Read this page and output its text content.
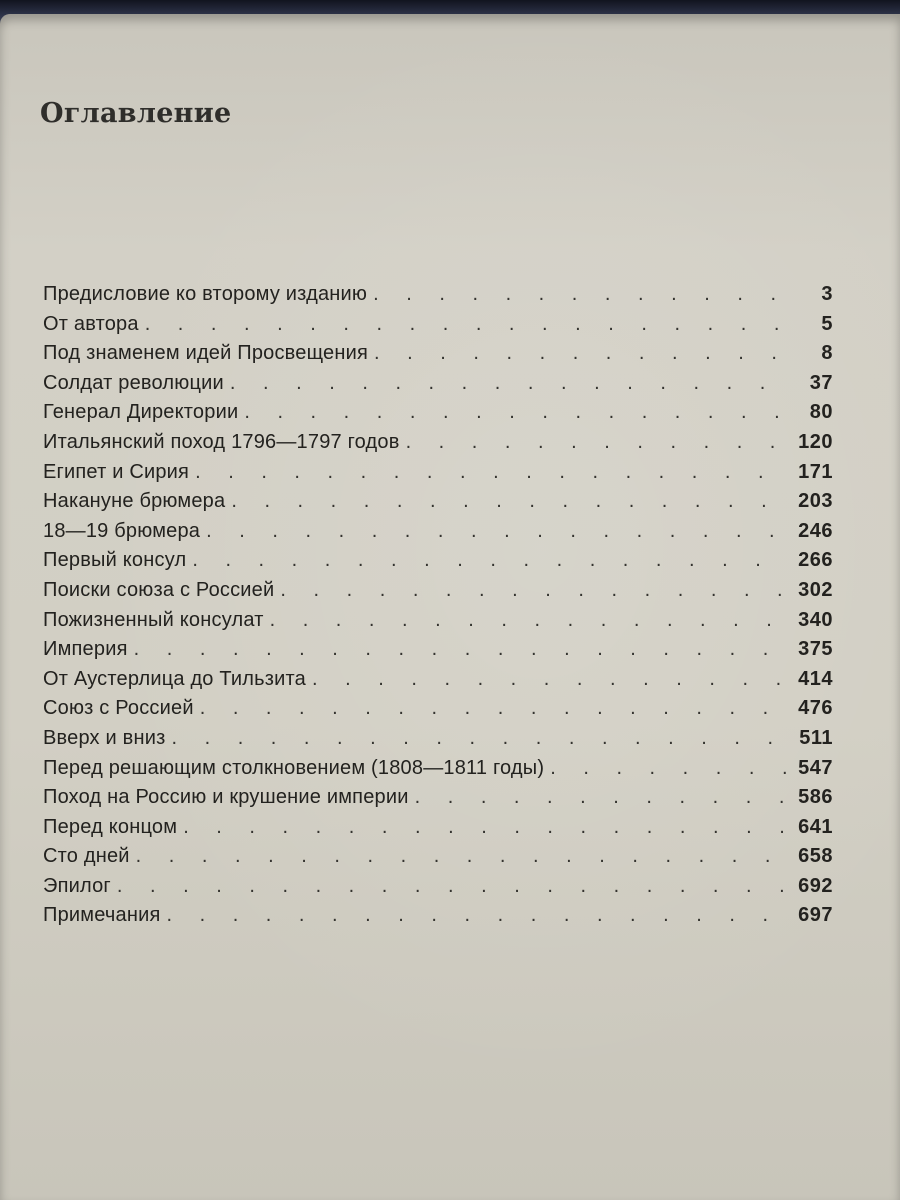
Оглавление
Предисловие ко второму изданию . . .	3
От автора . . .	5
Под знаменем идей Просвещения . . .	8
Солдат революции . . .	37
Генерал Директории . . .	80
Итальянский поход 1796—1797 годов . . .	120
Египет и Сирия . . .	171
Накануне брюмера . . .	203
18—19 брюмера . . .	246
Первый консул . . .	266
Поиски союза с Россией . . .	302
Пожизненный консулат . . .	340
Империя . . .	375
От Аустерлица до Тильзита . . .	414
Союз с Россией . . .	476
Вверх и вниз . . .	511
Перед решающим столкновением (1808—1811 годы) . . .	547
Поход на Россию и крушение империи . . .	586
Перед концом . . .	641
Сто дней . . .	658
Эпилог . . .	692
Примечания . . .	697
